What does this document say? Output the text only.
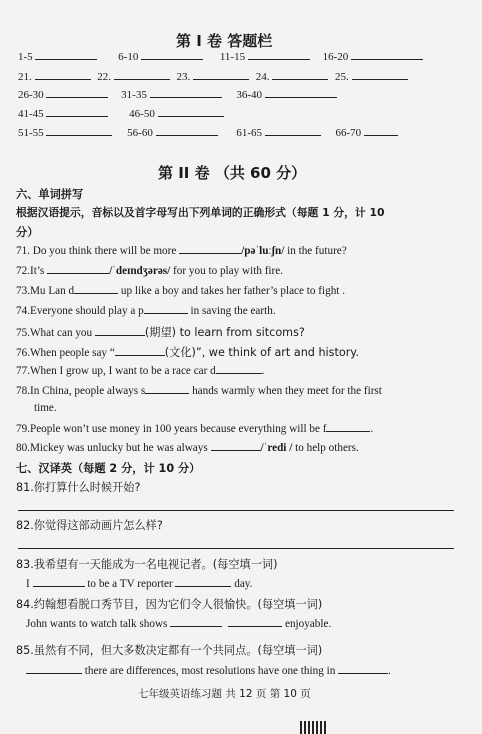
第 I 卷 答题栏
1-5	6-10	11-15	16-20
21.	22.	23.	24.	25.
26-30	31-35	36-40
41-45	46-50
51-55	56-60	61-65	66-70
第 II 卷 （共 60 分）
六、单词拼写
根据汉语提示，音标以及首字母写出下列单词的正确形式（每题 1 分，计 10
分）
71. Do you think there will be more	/pəˈluːʃn/ in the future?
72.It’s	/ˈdeɪndʒərəs/ for you to play with fire.
73.Mu Lan d	up like a boy and takes her father’s place to fight .
74.Everyone should play a p	in saving the earth.
75.What can you	(期望) to learn from sitcoms?
76.When people say “	(文化)”, we think of art and history.
77.When I grow up, I want to be a race car d	.
78.In China, people always s	hands warmly when they meet for the first
time.
79.People won’t use money in 100 years because everything will be f	.
80.Mickey was unlucky but he was always	/ˈredi / to help others.
七、汉译英（每题 2 分，计 10 分）
81.你打算什么时候开始?
82.你觉得这部动画片怎么样?
83.我希望有一天能成为一名电视记者。(每空填一词)
I	to be a TV reporter	day.
84.约翰想看脱口秀节目，因为它们令人很愉快。(每空填一词)
John wants to watch talk shows	enjoyable.
85.虽然有不同，但大多数决定都有一个共同点。(每空填一词)
there are differences, most resolutions have one thing in	.
七年级英语练习题 共 12 页 第 10 页
